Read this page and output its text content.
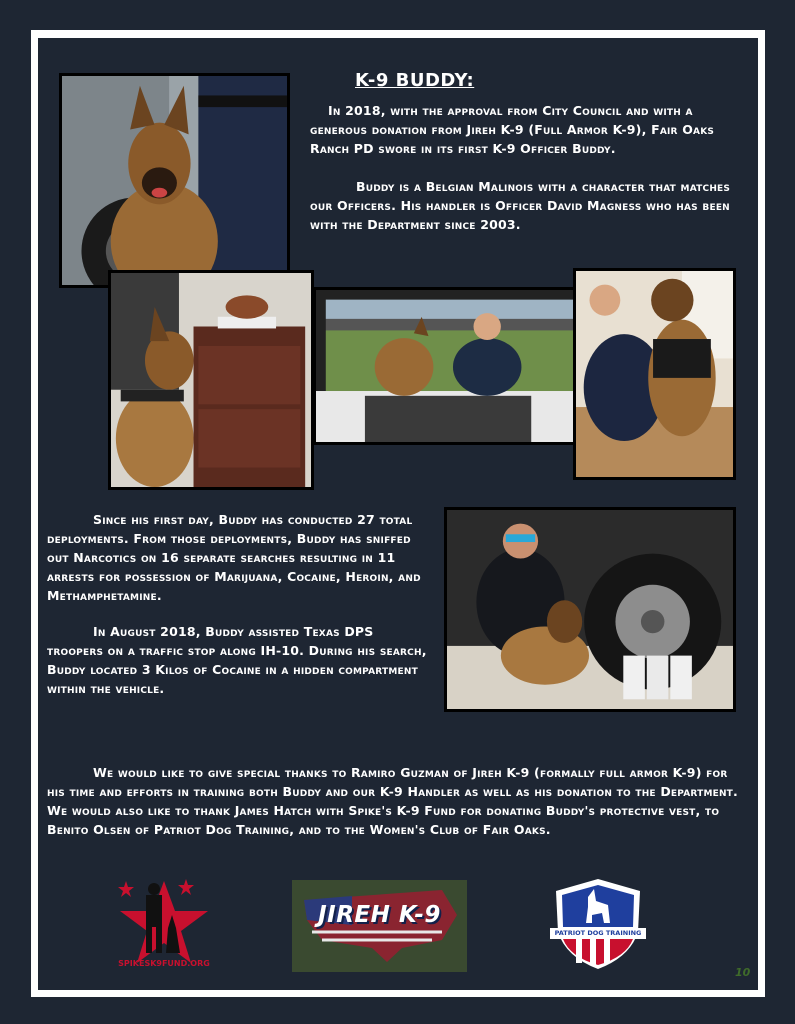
K-9 BUDDY:
In 2018, with the approval from City Council and with a generous donation from Jireh K-9 (Full Armor K-9), Fair Oaks Ranch PD swore in its first K-9 Officer Buddy.
Buddy is a Belgian Malinois with a character that matches our Officers. His handler is Officer David Magness who has been with the Department since 2003.
Since his first day, Buddy has conducted 27 total deployments. From those deployments, Buddy has sniffed out Narcotics on 16 separate searches resulting in 11 arrests for possession of Marijuana, Cocaine, Heroin, and Methamphetamine.
In August 2018, Buddy assisted Texas DPS troopers on a traffic stop along IH-10. During his search, Buddy located 3 Kilos of Cocaine in a hidden compartment within the vehicle.
We would like to give special thanks to Ramiro Guzman of Jireh K-9 (formally full armor K-9) for his time and efforts in training both Buddy and our K-9 Handler as well as his donation to the Department. We would also like to thank James Hatch with Spike's K-9 Fund for donating Buddy's protective vest, to Benito Olsen of Patriot Dog Training, and to the Women's Club of Fair Oaks.
SPIKESK9FUND.ORG
JIREH K-9
PATRIOT DOG TRAINING
10
